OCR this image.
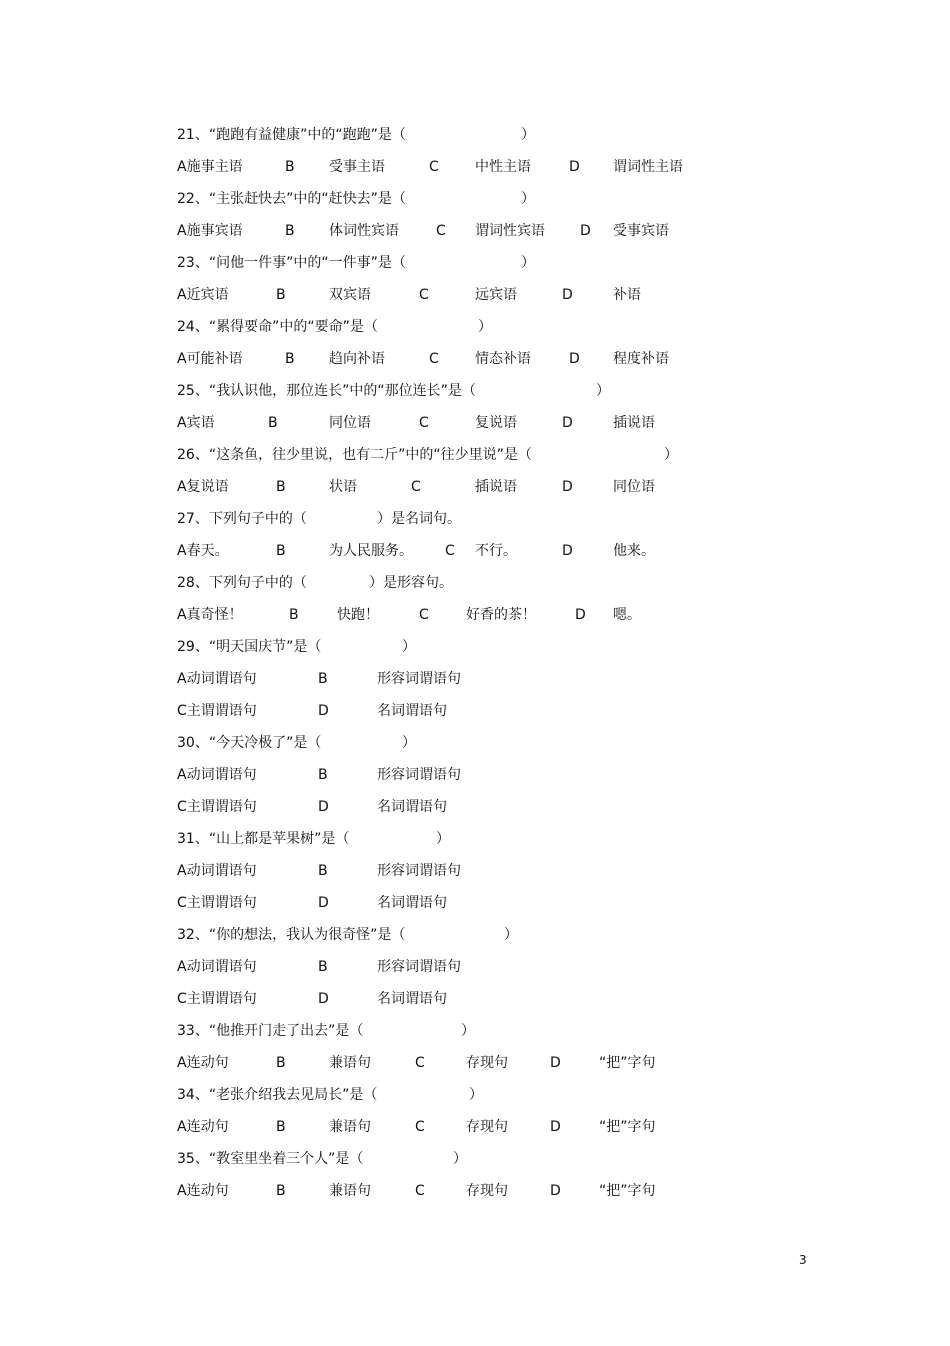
21、“跑跑有益健康”中的“跑跑”是（	）
A施事主语	B 受事主语	C	中性主语	D 谓词性主语
22、“主张赶快去”中的“赶快去”是（	）
A施事宾语	B 体词性宾语	C 谓词性宾语	D 受事宾语
23、“问他一件事”中的“一件事”是（	）
A近宾语	B	双宾语	C	远宾语	D	补语
24、“累得要命”中的“要命”是（	）
A可能补语	B 趋向补语	C	情态补语	D 程度补语
25、“我认识他，那位连长”中的“那位连长”是（	）
A宾语	B	同位语	C	复说语	D	插说语
26、“这条鱼，往少里说，也有二斤”中的“往少里说”是（	）
A复说语	B	状语	C	插说语	D	同位语
27、下列句子中的（	）是名词句。
A春天。	B	为人民服务。 C 不行。	D	他来。
28、下列句子中的（	）是形容句。
A真奇怪！	B	快跑！	C	好香的茶！	D 嗯。
29、“明天国庆节”是（	）
A动词谓语句	B	形容词谓语句
C主谓谓语句	D	名词谓语句
30、“今天冷极了”是（	）
A动词谓语句	B	形容词谓语句
C主谓谓语句	D	名词谓语句
31、“山上都是苹果树”是（	）
A动词谓语句	B	形容词谓语句
C主谓谓语句	D	名词谓语句
32、“你的想法，我认为很奇怪”是（	）
A动词谓语句	B	形容词谓语句
C主谓谓语句	D	名词谓语句
33、“他推开门走了出去”是（	）
A连动句	B	兼语句	C	存现句	D	“把”字句
34、“老张介绍我去见局长”是（	）
A连动句	B	兼语句	C	存现句	D	“把”字句
35、“教室里坐着三个人”是（	）
A连动句	B	兼语句	C	存现句	D	“把”字句
3
